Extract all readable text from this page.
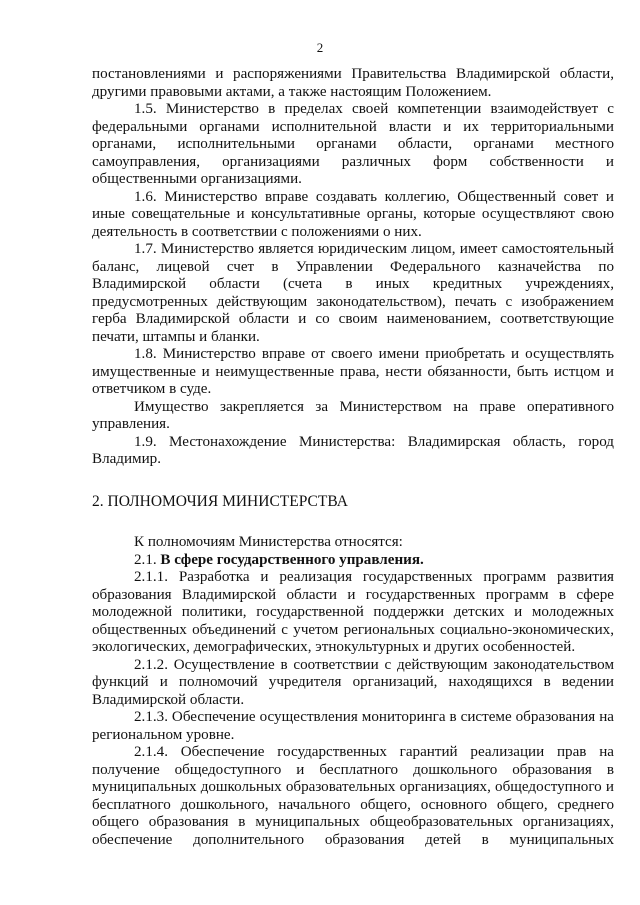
2

постановлениями и распоряжениями Правительства Владимирской области, другими правовыми актами, а также настоящим Положением.

1.5. Министерство в пределах своей компетенции взаимодействует с федеральными органами исполнительной власти и их территориальными органами, исполнительными органами области, органами местного самоуправления, организациями различных форм собственности и общественными организациями.

1.6. Министерство вправе создавать коллегию, Общественный совет и иные совещательные и консультативные органы, которые осуществляют свою деятельность в соответствии с положениями о них.

1.7. Министерство является юридическим лицом, имеет самостоятельный баланс, лицевой счет в Управлении Федерального казначейства по Владимирской области (счета в иных кредитных учреждениях, предусмотренных действующим законодательством), печать с изображением герба Владимирской области и со своим наименованием, соответствующие печати, штампы и бланки.

1.8. Министерство вправе от своего имени приобретать и осуществлять имущественные и неимущественные права, нести обязанности, быть истцом и ответчиком в суде.

Имущество закрепляется за Министерством на праве оперативного управления.

1.9. Местонахождение Министерства: Владимирская область, город Владимир.

2. ПОЛНОМОЧИЯ МИНИСТЕРСТВА

К полномочиям Министерства относятся:

2.1. В сфере государственного управления.

2.1.1. Разработка и реализация государственных программ развития образования Владимирской области и государственных программ в сфере молодежной политики, государственной поддержки детских и молодежных общественных объединений с учетом региональных социально-экономических, экологических, демографических, этнокультурных и других особенностей.

2.1.2. Осуществление в соответствии с действующим законодательством функций и полномочий учредителя организаций, находящихся в ведении Владимирской области.

2.1.3. Обеспечение осуществления мониторинга в системе образования на региональном уровне.

2.1.4. Обеспечение государственных гарантий реализации прав на получение общедоступного и бесплатного дошкольного образования в муниципальных дошкольных образовательных организациях, общедоступного и бесплатного дошкольного, начального общего, основного общего, среднего общего образования в муниципальных общеобразовательных организациях, обеспечение дополнительного образования детей в муниципальных
